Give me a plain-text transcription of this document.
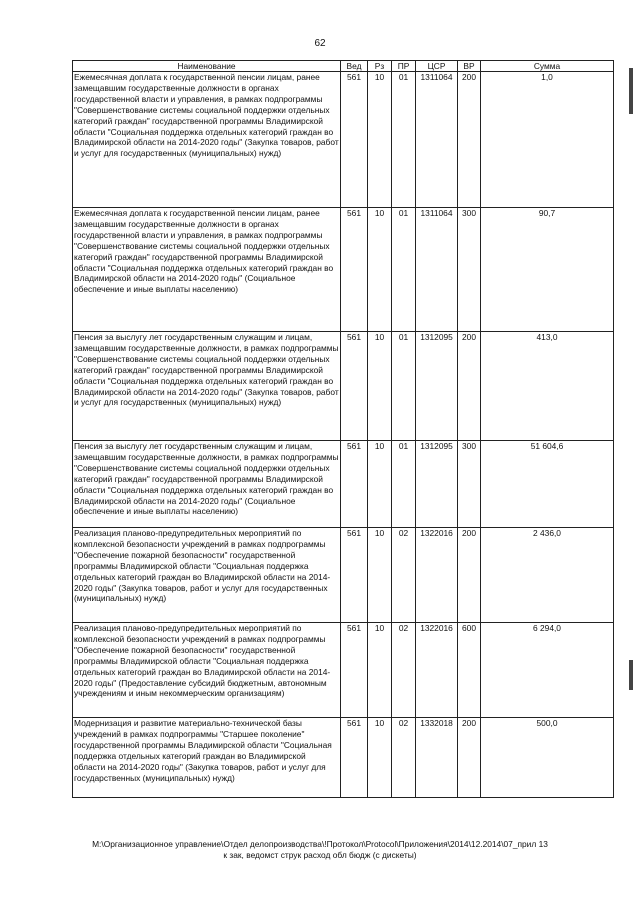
62
Наименование	Вед	Рз	ПР	ЦСР	ВР	Сумма
Ежемесячная доплата к государственной пенсии лицам, ранее замещавшим государственные должности в органах государственной власти и управления, в рамках подпрограммы "Совершенствование системы социальной поддержки отдельных категорий граждан" государственной программы Владимирской области "Социальная поддержка отдельных категорий граждан во Владимирской области на 2014-2020 годы" (Закупка товаров, работ и услуг для государственных (муниципальных) нужд)	561	10	01	1311064	200	1,0
Ежемесячная доплата к государственной пенсии лицам, ранее замещавшим государственные должности в органах государственной власти и управления, в рамках подпрограммы "Совершенствование системы социальной поддержки отдельных категорий граждан" государственной программы Владимирской области "Социальная поддержка отдельных категорий граждан во Владимирской области на 2014-2020 годы" (Социальное обеспечение и иные выплаты населению)	561	10	01	1311064	300	90,7
Пенсия за выслугу лет государственным служащим и лицам, замещавшим государственные должности, в рамках подпрограммы "Совершенствование системы социальной поддержки отдельных категорий граждан" государственной программы Владимирской области "Социальная поддержка отдельных категорий граждан во Владимирской области на 2014-2020 годы" (Закупка товаров, работ и услуг для государственных (муниципальных) нужд)	561	10	01	1312095	200	413,0
Пенсия за выслугу лет государственным служащим и лицам, замещавшим государственные должности, в рамках подпрограммы "Совершенствование системы социальной поддержки отдельных категорий граждан" государственной программы Владимирской области "Социальная поддержка отдельных категорий граждан во Владимирской области на 2014-2020 годы" (Социальное обеспечение и иные выплаты населению)	561	10	01	1312095	300	51 604,6
Реализация планово-предупредительных мероприятий по комплексной безопасности учреждений в рамках подпрограммы "Обеспечение пожарной безопасности" государственной программы Владимирской области "Социальная поддержка отдельных категорий граждан во Владимирской области на 2014-2020 годы" (Закупка товаров, работ и услуг для государственных (муниципальных) нужд)	561	10	02	1322016	200	2 436,0
Реализация планово-предупредительных мероприятий по комплексной безопасности учреждений в рамках подпрограммы "Обеспечение пожарной безопасности" государственной программы Владимирской области "Социальная поддержка отдельных категорий граждан во Владимирской области на 2014-2020 годы" (Предоставление субсидий бюджетным, автономным учреждениям и иным некоммерческим организациям)	561	10	02	1322016	600	6 294,0
Модернизация и развитие материально-технической базы учреждений в рамках подпрограммы "Старшее поколение" государственной программы Владимирской области "Социальная поддержка отдельных категорий граждан во Владимирской области на 2014-2020 годы" (Закупка товаров, работ и услуг для государственных (муниципальных) нужд)	561	10	02	1332018	200	500,0
М:\Организационное управление\Отдел делопроизводства\!Протокол\Protocol\Приложения\2014\12.2014\07_прил 13
к зак, ведомст струк расход обл бюдж (с дискеты)
